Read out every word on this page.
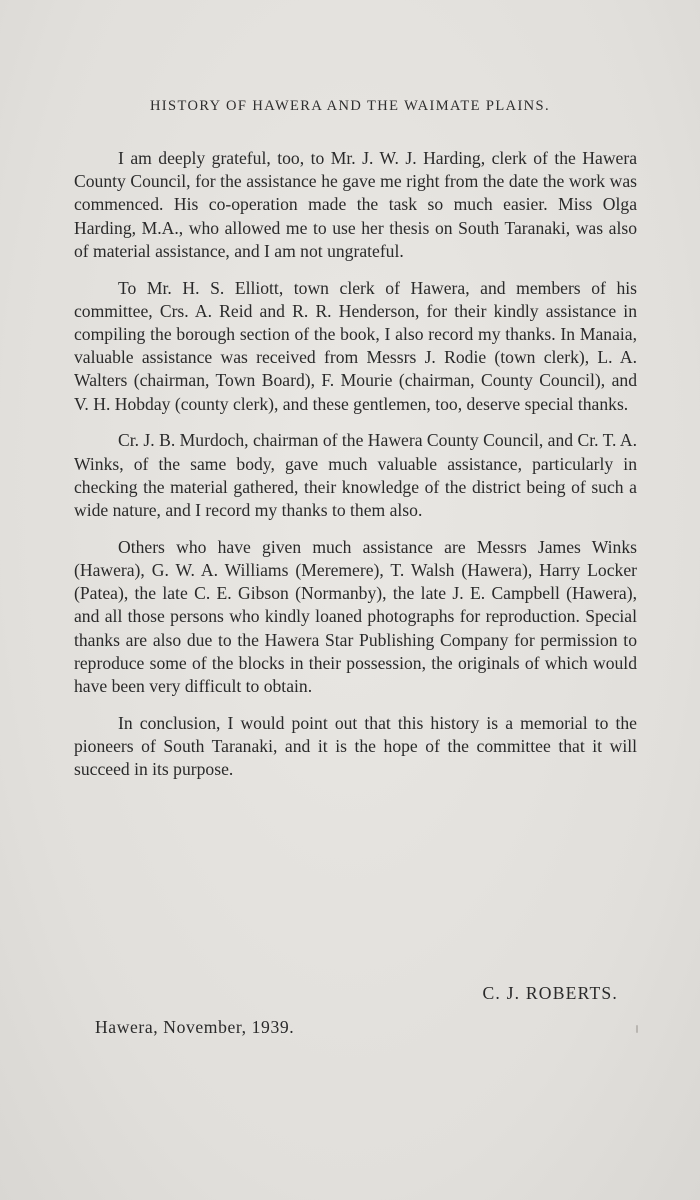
HISTORY OF HAWERA AND THE WAIMATE PLAINS.

I am deeply grateful, too, to Mr. J. W. J. Harding, clerk of the Hawera County Council, for the assistance he gave me right from the date the work was commenced. His co-operation made the task so much easier. Miss Olga Harding, M.A., who allowed me to use her thesis on South Taranaki, was also of material assistance, and I am not ungrateful.

To Mr. H. S. Elliott, town clerk of Hawera, and members of his committee, Crs. A. Reid and R. R. Henderson, for their kindly assistance in compiling the borough section of the book, I also record my thanks. In Manaia, valuable assistance was received from Messrs J. Rodie (town clerk), L. A. Walters (chairman, Town Board), F. Mourie (chairman, County Council), and V. H. Hobday (county clerk), and these gentlemen, too, deserve special thanks.

Cr. J. B. Murdoch, chairman of the Hawera County Council, and Cr. T. A. Winks, of the same body, gave much valuable assistance, particularly in checking the material gathered, their knowledge of the district being of such a wide nature, and I record my thanks to them also.

Others who have given much assistance are Messrs James Winks (Hawera), G. W. A. Williams (Meremere), T. Walsh (Hawera), Harry Locker (Patea), the late C. E. Gibson (Normanby), the late J. E. Campbell (Hawera), and all those persons who kindly loaned photographs for reproduction. Special thanks are also due to the Hawera Star Publishing Company for permission to reproduce some of the blocks in their possession, the originals of which would have been very difficult to obtain.

In conclusion, I would point out that this history is a memorial to the pioneers of South Taranaki, and it is the hope of the committee that it will succeed in its purpose.

C. J. ROBERTS.
Hawera, November, 1939.
